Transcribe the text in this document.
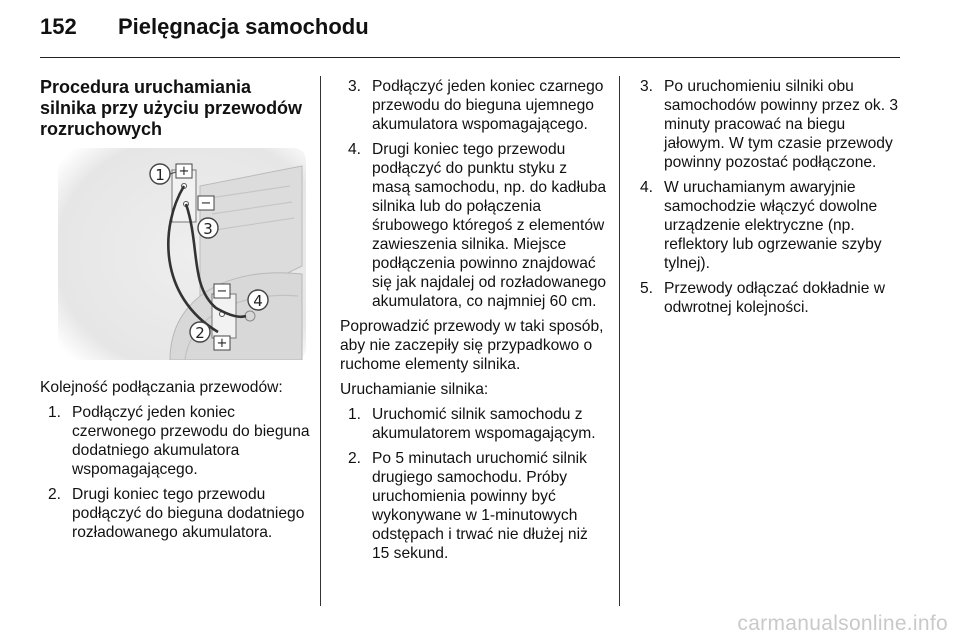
152 Pielęgnacja samochodu

Procedura uruchamiania silnika przy użyciu przewodów rozruchowych

+
−
−
+
1
3
4
2

Kolejność podłączania przewodów:

1. Podłączyć jeden koniec czerwonego przewodu do bieguna dodatniego akumulatora wspomagającego.
2. Drugi koniec tego przewodu podłączyć do bieguna dodatniego rozładowanego akumulatora.
3. Podłączyć jeden koniec czarnego przewodu do bieguna ujemnego akumulatora wspomagającego.
4. Drugi koniec tego przewodu podłączyć do punktu styku z masą samochodu, np. do kadłuba silnika lub do połączenia śrubowego któregoś z elementów zawieszenia silnika. Miejsce podłączenia powinno znajdować się jak najdalej od rozładowanego akumulatora, co najmniej 60 cm.

Poprowadzić przewody w taki sposób, aby nie zaczepiły się przypadkowo o ruchome elementy silnika.

Uruchamianie silnika:

1. Uruchomić silnik samochodu z akumulatorem wspomagającym.
2. Po 5 minutach uruchomić silnik drugiego samochodu. Próby uruchomienia powinny być wykonywane w 1-minutowych odstępach i trwać nie dłużej niż 15 sekund.
3. Po uruchomieniu silniki obu samochodów powinny przez ok. 3 minuty pracować na biegu jałowym. W tym czasie przewody powinny pozostać podłączone.
4. W uruchamianym awaryjnie samochodzie włączyć dowolne urządzenie elektryczne (np. reflektory lub ogrzewanie szyby tylnej).
5. Przewody odłączać dokładnie w odwrotnej kolejności.
carmanualsonline.info
